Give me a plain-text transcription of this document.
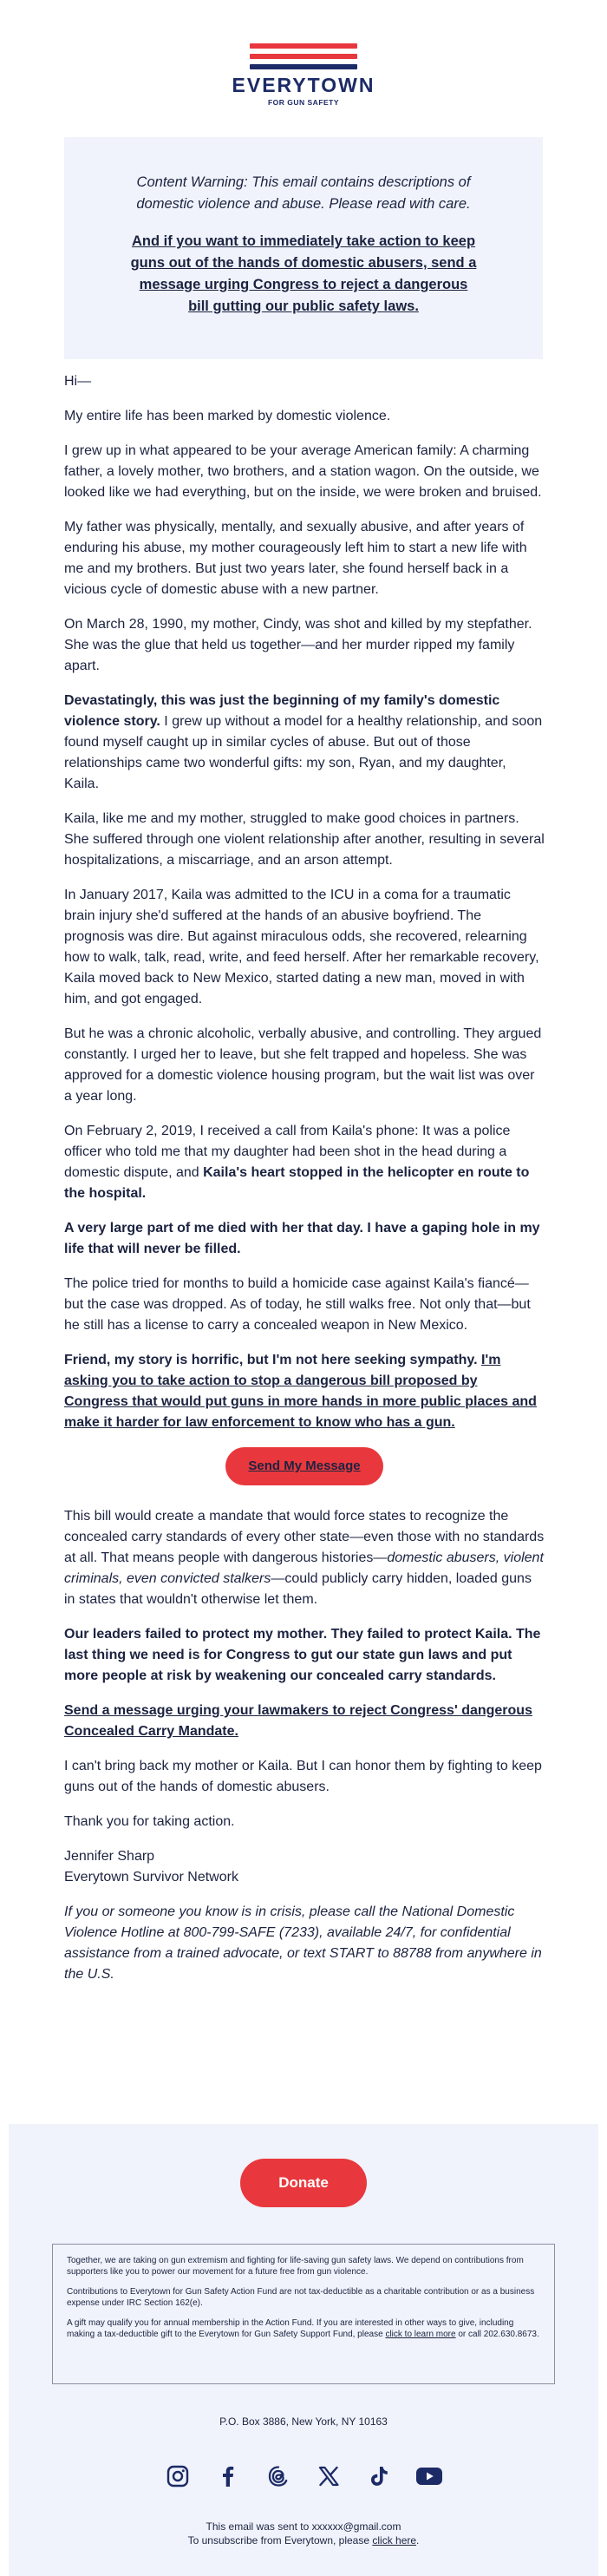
EVERYTOWN
FOR GUN SAFETY

Content Warning: This email contains descriptions of domestic violence and abuse. Please read with care.

And if you want to immediately take action to keep guns out of the hands of domestic abusers, send a message urging Congress to reject a dangerous bill gutting our public safety laws.

Hi—

My entire life has been marked by domestic violence.

I grew up in what appeared to be your average American family: A charming father, a lovely mother, two brothers, and a station wagon. On the outside, we looked like we had everything, but on the inside, we were broken and bruised.

My father was physically, mentally, and sexually abusive, and after years of enduring his abuse, my mother courageously left him to start a new life with me and my brothers. But just two years later, she found herself back in a vicious cycle of domestic abuse with a new partner.

On March 28, 1990, my mother, Cindy, was shot and killed by my stepfather. She was the glue that held us together—and her murder ripped my family apart.

Devastatingly, this was just the beginning of my family's domestic violence story. I grew up without a model for a healthy relationship, and soon found myself caught up in similar cycles of abuse. But out of those relationships came two wonderful gifts: my son, Ryan, and my daughter, Kaila.

Kaila, like me and my mother, struggled to make good choices in partners. She suffered through one violent relationship after another, resulting in several hospitalizations, a miscarriage, and an arson attempt.

In January 2017, Kaila was admitted to the ICU in a coma for a traumatic brain injury she'd suffered at the hands of an abusive boyfriend. The prognosis was dire. But against miraculous odds, she recovered, relearning how to walk, talk, read, write, and feed herself. After her remarkable recovery, Kaila moved back to New Mexico, started dating a new man, moved in with him, and got engaged.

But he was a chronic alcoholic, verbally abusive, and controlling. They argued constantly. I urged her to leave, but she felt trapped and hopeless. She was approved for a domestic violence housing program, but the wait list was over a year long.

On February 2, 2019, I received a call from Kaila's phone: It was a police officer who told me that my daughter had been shot in the head during a domestic dispute, and Kaila's heart stopped in the helicopter en route to the hospital.

A very large part of me died with her that day. I have a gaping hole in my life that will never be filled.

The police tried for months to build a homicide case against Kaila's fiancé—but the case was dropped. As of today, he still walks free. Not only that—but he still has a license to carry a concealed weapon in New Mexico.

Friend, my story is horrific, but I'm not here seeking sympathy. I'm asking you to take action to stop a dangerous bill proposed by Congress that would put guns in more hands in more public places and make it harder for law enforcement to know who has a gun.

Send My Message

This bill would create a mandate that would force states to recognize the concealed carry standards of every other state—even those with no standards at all. That means people with dangerous histories—domestic abusers, violent criminals, even convicted stalkers—could publicly carry hidden, loaded guns in states that wouldn't otherwise let them.

Our leaders failed to protect my mother. They failed to protect Kaila. The last thing we need is for Congress to gut our state gun laws and put more people at risk by weakening our concealed carry standards.

Send a message urging your lawmakers to reject Congress' dangerous Concealed Carry Mandate.

I can't bring back my mother or Kaila. But I can honor them by fighting to keep guns out of the hands of domestic abusers.

Thank you for taking action.

Jennifer Sharp
Everytown Survivor Network

If you or someone you know is in crisis, please call the National Domestic Violence Hotline at 800-799-SAFE (7233), available 24/7, for confidential assistance from a trained advocate, or text START to 88788 from anywhere in the U.S.

Donate

Together, we are taking on gun extremism and fighting for life-saving gun safety laws. We depend on contributions from supporters like you to power our movement for a future free from gun violence.

Contributions to Everytown for Gun Safety Action Fund are not tax-deductible as a charitable contribution or as a business expense under IRC Section 162(e).

A gift may qualify you for annual membership in the Action Fund. If you are interested in other ways to give, including making a tax-deductible gift to the Everytown for Gun Safety Support Fund, please click to learn more or call 202.630.8673.

P.O. Box 3886, New York, NY 10163
This email was sent to xxxxxx@gmail.com
To unsubscribe from Everytown, please click here.
